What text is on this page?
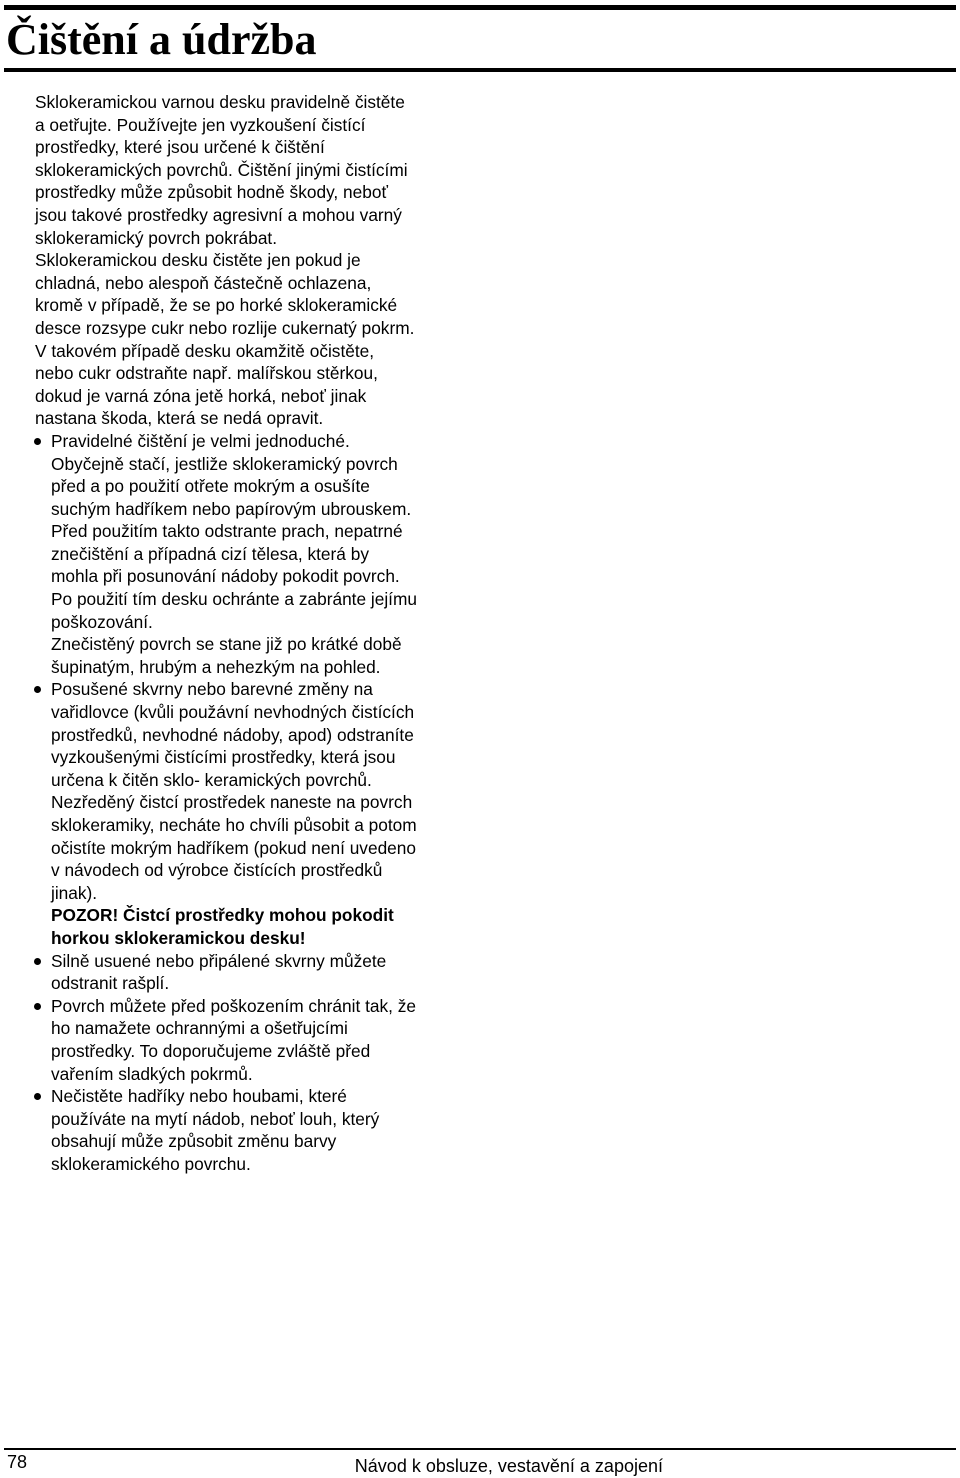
Čištění a údržba

Sklokeramickou varnou desku pravidelně čistěte
a oetřujte. Používejte jen vyzkoušení čistící
prostředky, které jsou určené k čištění
sklokeramických povrchů. Čištění jinými čistícími
prostředky může způsobit hodně škody, neboť
jsou takové prostředky agresivní a mohou varný
sklokeramický povrch pokrábat.
Sklokeramickou desku čistěte jen pokud je
chladná, nebo alespoň částečně ochlazena,
kromě v případě, že se po horké sklokeramické
desce rozsype cukr nebo rozlije cukernatý pokrm.
V takovém případě desku okamžitě očistěte,
nebo cukr odstraňte např. malířskou stěrkou,
dokud je varná zóna jetě horká, neboť jinak
nastana škoda, která se nedá opravit.

Pravidelné čištění je velmi jednoduché.
Obyčejně stačí, jestliže sklokeramický povrch
před a po použití otřete mokrým a osušíte
suchým hadříkem nebo papírovým ubrouskem.
Před použitím takto odstrante prach, nepatrné
znečištění a případná cizí tělesa, která by
mohla při posunování nádoby pokodit povrch.
Po použití tím desku ochránte a zabránte jejímu
poškozování.
Znečistěný povrch se stane již po krátké době
šupinatým, hrubým a nehezkým na pohled.
Posušené skvrny nebo barevné změny na
vařidlovce (kvůli použávní nevhodných čistících
prostředků, nevhodné nádoby, apod) odstraníte
vyzkoušenými čistícími prostředky, která jsou
určena k čitěn sklo- keramických povrchů.
Nezředěný čistcí prostředek naneste na povrch
sklokeramiky, necháte ho chvíli působit a potom
očistíte mokrým hadříkem (pokud není uvedeno
v návodech od výrobce čistících prostředků
jinak).
POZOR! Čistcí prostředky mohou pokodit
horkou sklokeramickou desku!
Silně usuené nebo připálené skvrny můžete
odstranit rašplí.
Povrch můžete před poškozením chránit tak, že
ho namažete ochrannými a ošetřujcími
prostředky. To doporučujeme zvláště před
vařením sladkých pokrmů.
Nečistěte hadříky nebo houbami, které
používáte na mytí nádob, neboť louh, který
obsahují může způsobit změnu barvy
sklokeramického povrchu.
78	Návod k obsluze, vestavění a zapojení
